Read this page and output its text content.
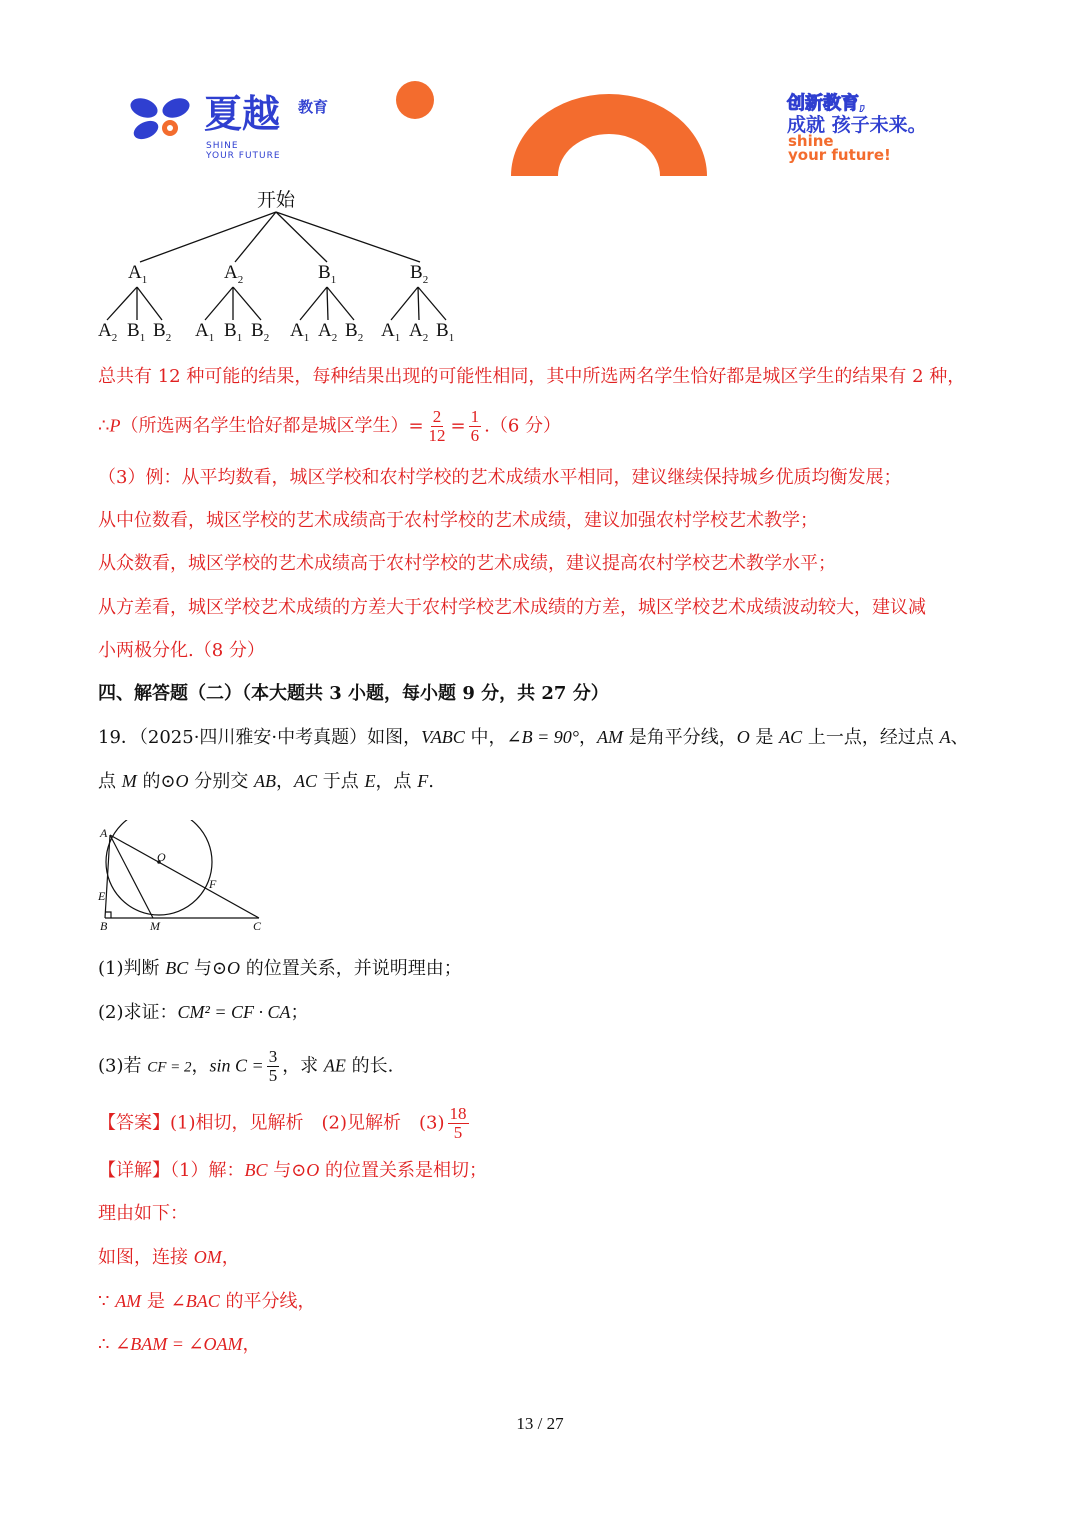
夏越 教育
SHINE
YOUR FUTURE
创新教育,
成就 孩子未来。
shine
your future!
开始
$A_1$	$A_2$	$B_1$	$B_2$
$A_2$ $B_1$ $B_2$ $A_1$ $B_1$ $B_2$ $A_1$ $A_2$ $B_2$ $A_1$ $A_2$ $B_1$
总共有 12 种可能的结果，每种结果出现的可能性相同，其中所选两名学生恰好都是城区学生的结果有 2 种，
∴P（所选两名学生恰好都是城区学生）= $\frac{2}{12} = \frac{1}{6} .(6$ 分）
（3）例：从平均数看，城区学校和农村学校的艺术成绩水平相同，建议继续保持城乡优质均衡发展；
从中位数看，城区学校的艺术成绩高于农村学校的艺术成绩，建议加强农村学校艺术教学；
从众数看，城区学校的艺术成绩高于农村学校的艺术成绩，建议提高农村学校艺术教学水平；
从方差看，城区学校艺术成绩的方差大于农村学校艺术成绩的方差，城区学校艺术成绩波动较大，建议减
小两极分化.（8 分）
四、解答题（二）（本大题共 3 小题，每小题 9 分，共 27 分）
19．（2025·四川雅安·中考真题）如图，VABC 中，∠B = 90°，AM 是角平分线，O 是 AC 上一点，经过点 A、
点 M 的⊙O 分别交 AB，AC 于点 E，点 F.
A
O
F
E
B	M	C
(1)判断 BC 与⊙O 的位置关系，并说明理由；
(2)求证：CM² = CF · CA；
(3)若 CF = 2，$\sin C = \frac{3}{5}$ ，求 AE 的长.
【答案】(1)相切，见解析　(2)见解析　$(3) \frac{18}{5}$
【详解】（1）解：BC 与⊙O 的位置关系是相切；
理由如下：
如图，连接 OM，
∵ AM 是 ∠BAC 的平分线，
∴ ∠BAM = ∠OAM，
13 / 27
